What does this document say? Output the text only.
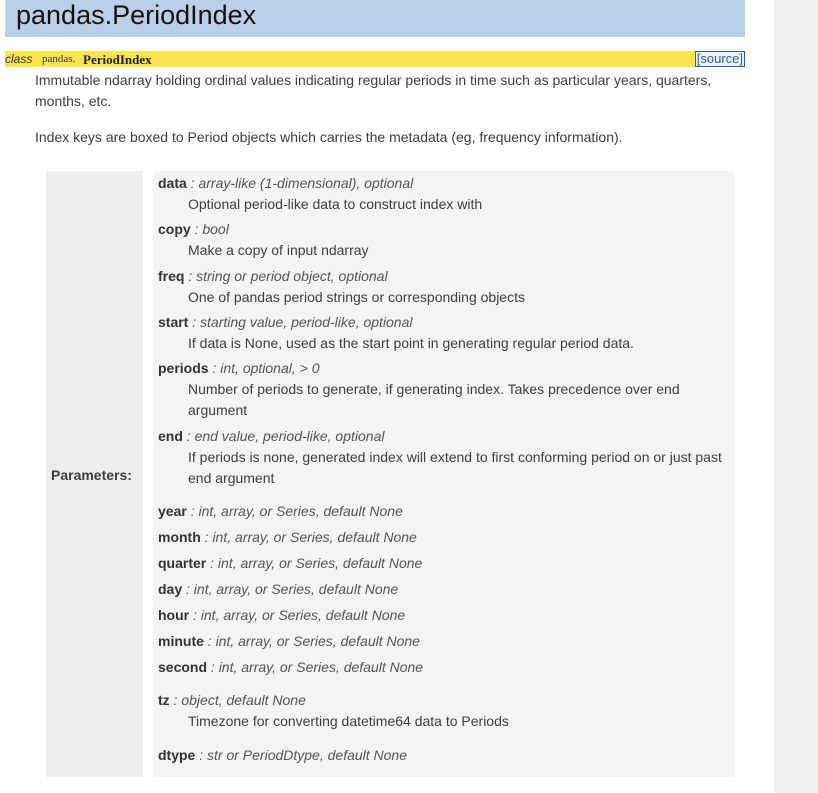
pandas.PeriodIndex
class pandas. PeriodIndex	[source]
Immutable ndarray holding ordinal values indicating regular periods in time such as particular years, quarters, months, etc.
Index keys are boxed to Period objects which carries the metadata (eg, frequency information).
Parameters:
data : array-like (1-dimensional), optional
Optional period-like data to construct index with
copy : bool
Make a copy of input ndarray
freq : string or period object, optional
One of pandas period strings or corresponding objects
start : starting value, period-like, optional
If data is None, used as the start point in generating regular period data.
periods : int, optional, > 0
Number of periods to generate, if generating index. Takes precedence over end argument
end : end value, period-like, optional
If periods is none, generated index will extend to first conforming period on or just past end argument
year : int, array, or Series, default None
month : int, array, or Series, default None
quarter : int, array, or Series, default None
day : int, array, or Series, default None
hour : int, array, or Series, default None
minute : int, array, or Series, default None
second : int, array, or Series, default None
tz : object, default None
Timezone for converting datetime64 data to Periods
dtype : str or PeriodDtype, default None
